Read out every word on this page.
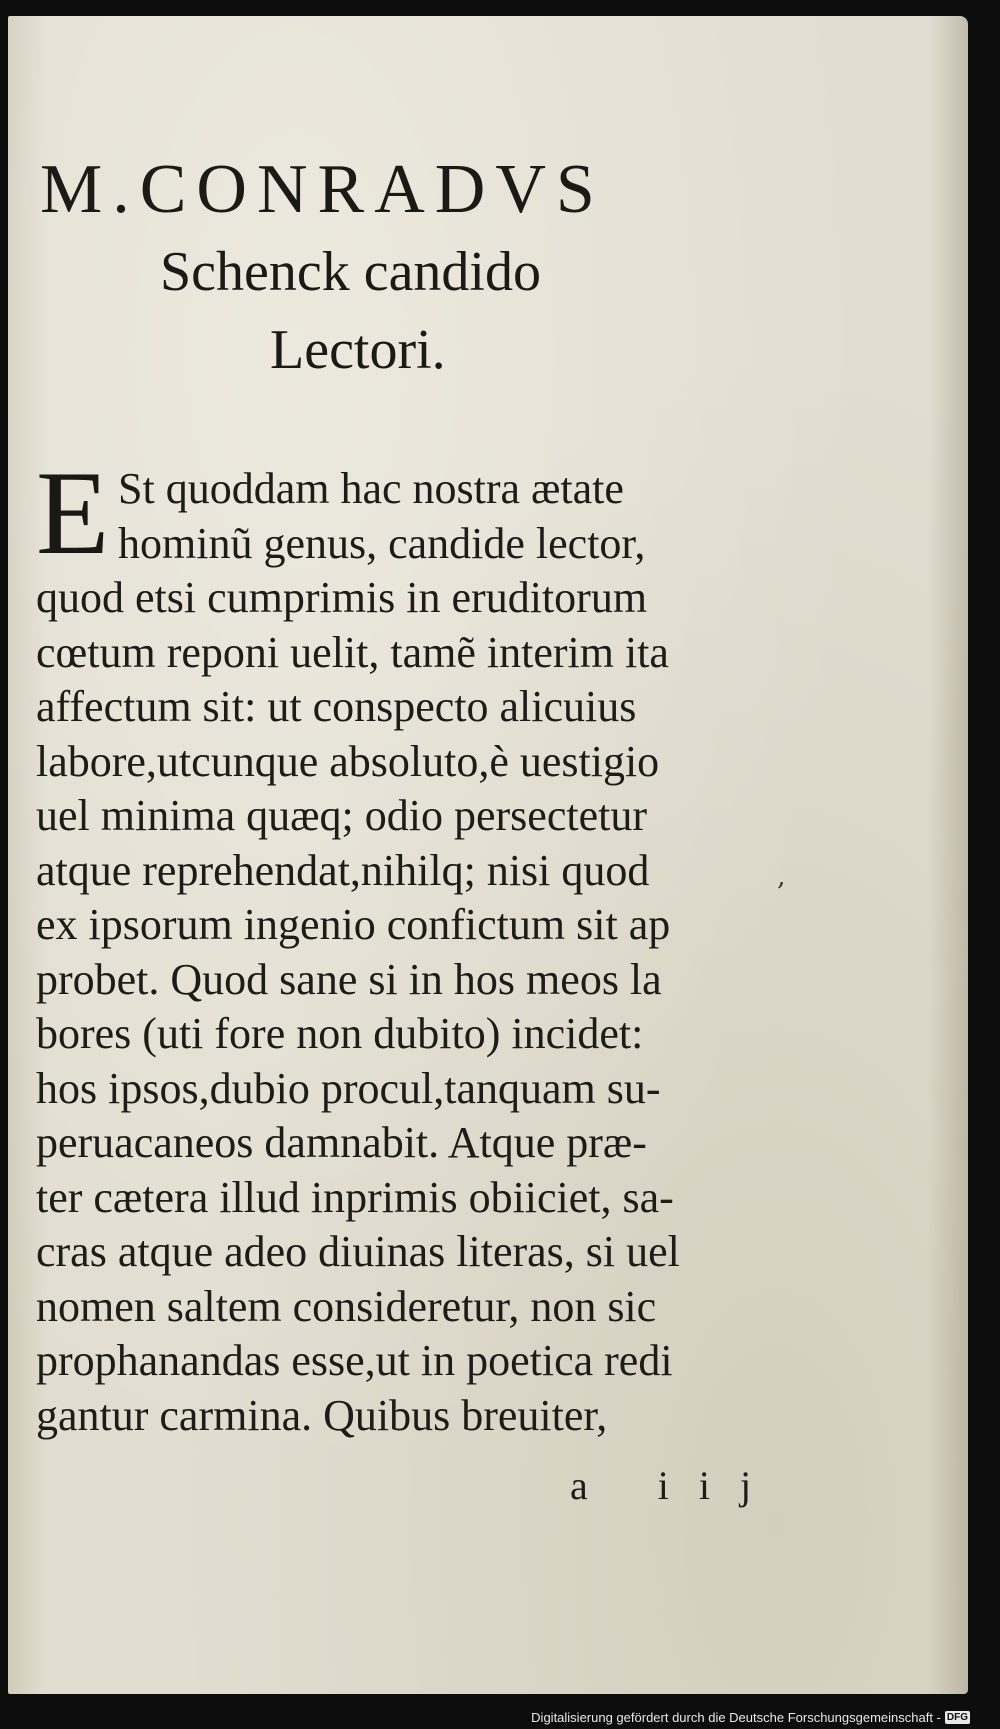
M.CONRADVS
Schenck candido
Lectori.
E St quoddam hac nostra ætate
hominũ genus, candide lector,
quod etsi cumprimis in eruditorum
cœtum reponi uelit, tamẽ interim ita
affectum sit: ut conspecto alicuius
labore,utcunque absoluto,è uestigio
uel minima quæq; odio persectetur
atque reprehendat,nihilq; nisi quod
ex ipsorum ingenio confictum sit ap
probet. Quod sane si in hos meos la
bores (uti fore non dubito) incidet:
hos ipsos,dubio procul,tanquam su-
peruacaneos damnabit. Atque præ-
ter cætera illud inprimis obiiciet, sa-
cras atque adeo diuinas literas, si uel
nomen saltem consideretur, non sic
prophanandas esse,ut in poetica redi
gantur carmina. Quibus breuiter,
‚
a iij
Digitalisierung gefördert durch die Deutsche Forschungsgemeinschaft - DFG
